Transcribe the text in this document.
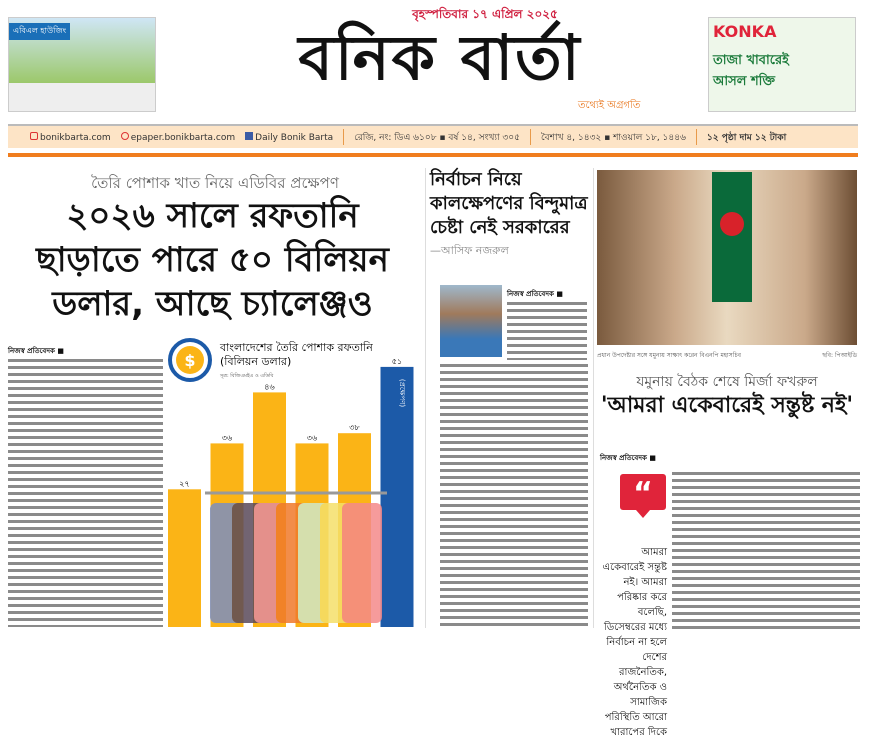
এবিএল হাউজিং
বৃহস্পতিবার ১৭ এপ্রিল ২০২৫
বনিক বার্তা
তথ্যেই অগ্রগতি
KONKA
তাজা খাবারেই আসল শক্তি
bonikbarta.com	epaper.bonikbarta.com	Daily Bonik Barta রেজি, নং: ডিএ ৬১০৮ ▪ বর্ষ ১৪, সংখ্যা ৩০৫ বৈশাখ ৪, ১৪৩২ ▪ শাওয়াল ১৮, ১৪৪৬ ১২ পৃষ্ঠা দাম ১২ টাকা
তৈরি পোশাক খাত নিয়ে এডিবির প্রক্ষেপণ
২০২৬ সালে রফতানি ছাড়াতে পারে ৫০ বিলিয়ন ডলার, আছে চ্যালেঞ্জও
নিজস্ব প্রতিবেদক ■	$
বাংলাদেশের তৈরি পোশাক রফতানি
(বিলিয়ন ডলার)
সূত্র: বিজিএমইএ ও এডিবি
২৭
৩৬
৪৬
৩৬
৩৮
৫১
(প্রক্ষেপণ)
নির্বাচন নিয়ে কালক্ষেপণের বিন্দুমাত্র চেষ্টা নেই সরকারের
—আসিফ নজরুল
নিজস্ব প্রতিবেদক ■
প্রধান উপদেষ্টার সঙ্গে যমুনায় সাক্ষাৎ করেন বিএনপি মহাসচিব	ছবি: পিআইডি
যমুনায় বৈঠক শেষে মির্জা ফখরুল
'আমরা একেবারেই সন্তুষ্ট নই'
নিজস্ব প্রতিবেদক ■
“
আমরা একেবারেই সন্তুষ্ট নই। আমরা পরিষ্কার করে বলেছি, ডিসেম্বরের মধ্যে নির্বাচন না হলে দেশের রাজনৈতিক, অর্থনৈতিক ও সামাজিক পরিস্থিতি আরো খারাপের দিকে
